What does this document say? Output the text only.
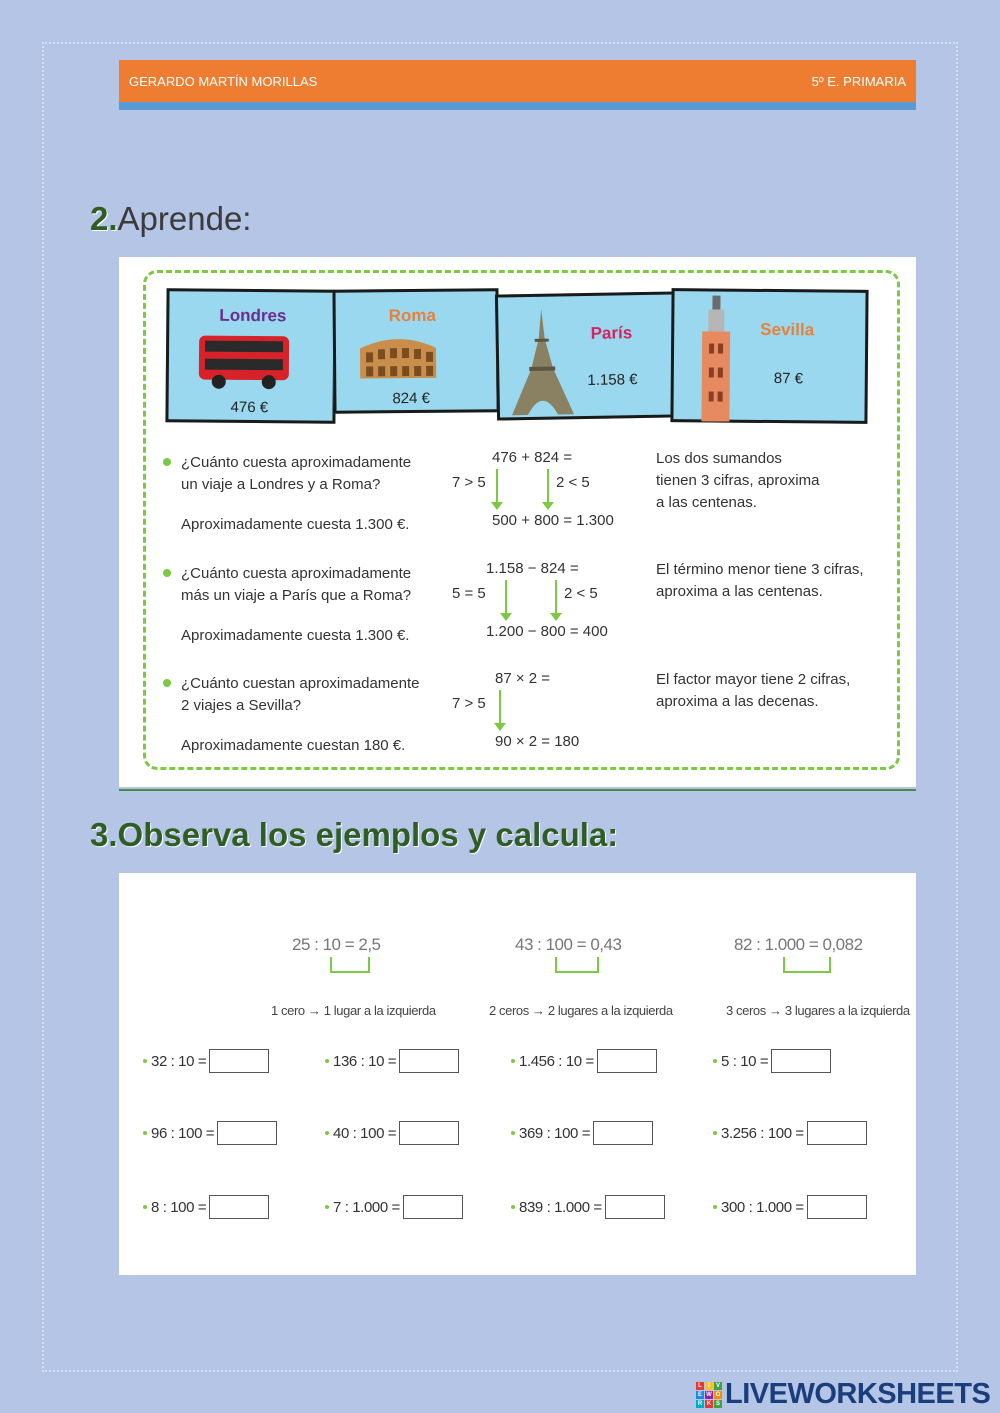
GERARDO MARTÍN MORILLAS	5º E. PRIMARIA
2.Aprende:
Londres
476 €
Roma
824 €
París
1.158 €
Sevilla
87 €
¿Cuánto cuesta aproximadamente
un viaje a Londres y a Roma?
Aproximadamente cuesta 1.300 €.
476 + 824 =
7 > 5	2 < 5
500 + 800 = 1.300
Los dos sumandos
tienen 3 cifras, aproxima
a las centenas.
¿Cuánto cuesta aproximadamente
más un viaje a París que a Roma?
Aproximadamente cuesta 1.300 €.
1.158 − 824 =
5 = 5	2 < 5
1.200 − 800 = 400
El término menor tiene 3 cifras,
aproxima a las centenas.
¿Cuánto cuestan aproximadamente
2 viajes a Sevilla?
Aproximadamente cuestan 180 €.
87 × 2 =
7 > 5
90 × 2 = 180
El factor mayor tiene 2 cifras,
aproxima a las decenas.
3.Observa los ejemplos y calcula:
25 : 10 = 2,5
1 cero → 1 lugar a la izquierda
43 : 100 = 0,43
2 ceros → 2 lugares a la izquierda
82 : 1.000 = 0,082
3 ceros → 3 lugares a la izquierda
32 : 10 =	136 : 10 =	1.456 : 10 =	5 : 10 =
96 : 100 =	40 : 100 =	369 : 100 =	3.256 : 100 =
8 : 100 =	7 : 1.000 =	839 : 1.000 =	300 : 1.000 =
L	I	V
E W O
R K S LIVEWORKSHEETS
